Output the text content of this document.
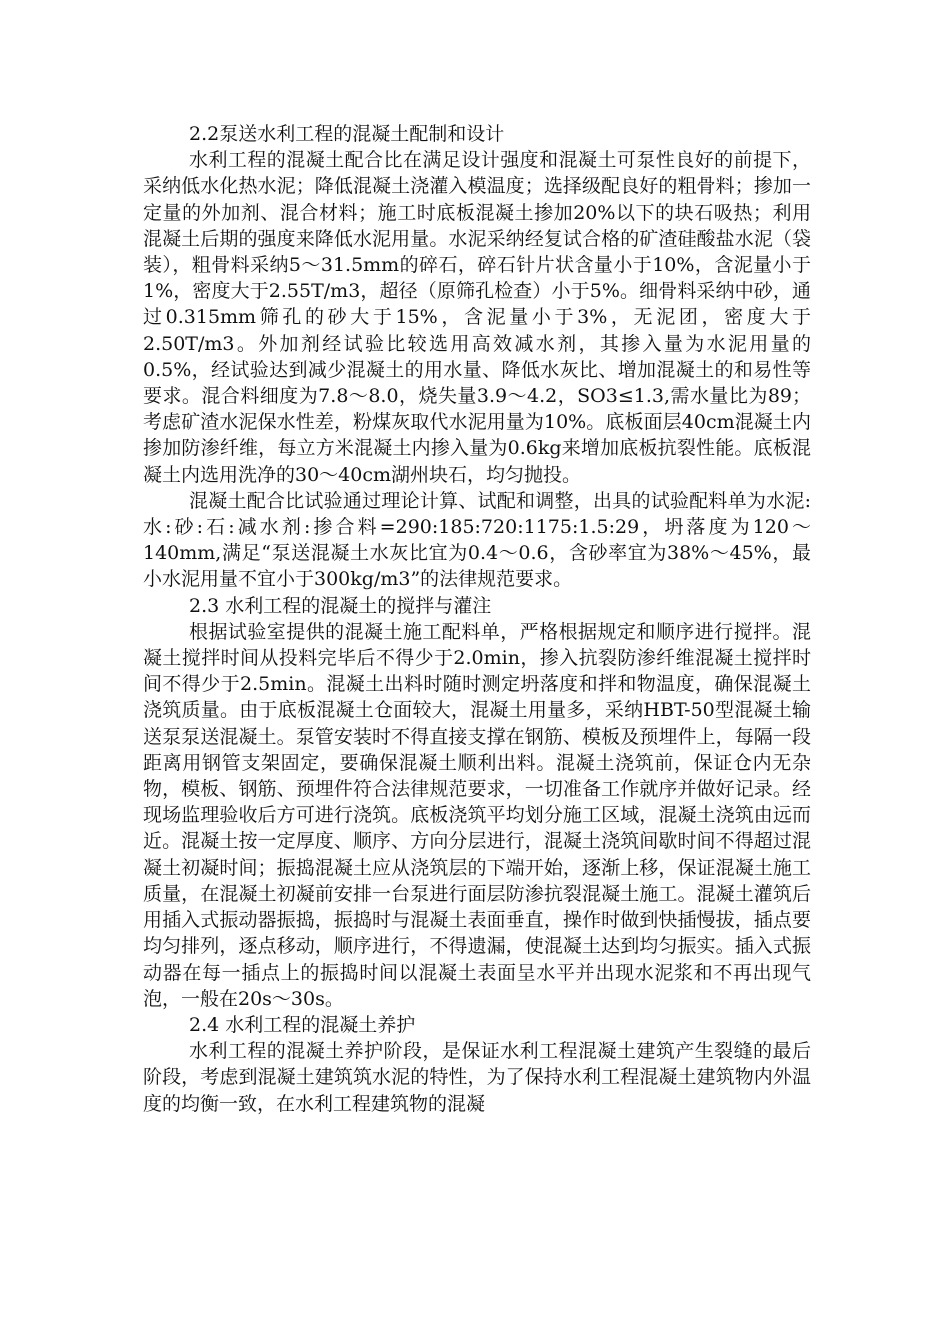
2.2泵送水利工程的混凝土配制和设计

水利工程的混凝土配合比在满足设计强度和混凝土可泵性良好的前提下，采纳低水化热水泥；降低混凝土浇灌入模温度；选择级配良好的粗骨料；掺加一定量的外加剂、混合材料；施工时底板混凝土掺加20%以下的块石吸热；利用混凝土后期的强度来降低水泥用量。水泥采纳经复试合格的矿渣硅酸盐水泥（袋装），粗骨料采纳5～31.5mm的碎石，碎石针片状含量小于10%，含泥量小于1%，密度大于2.55T/m3，超径（原筛孔检查）小于5%。细骨料采纳中砂，通过0.315mm筛孔的砂大于15%，含泥量小于3%，无泥团，密度大于2.50T/m3。外加剂经试验比较选用高效减水剂，其掺入量为水泥用量的0.5%，经试验达到减少混凝土的用水量、降低水灰比、增加混凝土的和易性等要求。混合料细度为7.8～8.0，烧失量3.9～4.2，SO3≤1.3,需水量比为89；考虑矿渣水泥保水性差，粉煤灰取代水泥用量为10%。底板面层40cm混凝土内掺加防渗纤维，每立方米混凝土内掺入量为0.6kg来增加底板抗裂性能。底板混凝土内选用洗净的30～40cm湖州块石，均匀抛投。

混凝土配合比试验通过理论计算、试配和调整，出具的试验配料单为水泥:水:砂:石:减水剂:掺合料=290:185:720:1175:1.5:29，坍落度为120～140mm,满足“泵送混凝土水灰比宜为0.4～0.6，含砂率宜为38%～45%，最小水泥用量不宜小于300kg/m3”的法律规范要求。

2.3 水利工程的混凝土的搅拌与灌注

根据试验室提供的混凝土施工配料单，严格根据规定和顺序进行搅拌。混凝土搅拌时间从投料完毕后不得少于2.0min，掺入抗裂防渗纤维混凝土搅拌时间不得少于2.5min。混凝土出料时随时测定坍落度和拌和物温度，确保混凝土浇筑质量。由于底板混凝土仓面较大，混凝土用量多，采纳HBT-50型混凝土输送泵泵送混凝土。泵管安装时不得直接支撑在钢筋、模板及预埋件上，每隔一段距离用钢管支架固定，要确保混凝土顺利出料。混凝土浇筑前，保证仓内无杂物，模板、钢筋、预埋件符合法律规范要求，一切准备工作就序并做好记录。经现场监理验收后方可进行浇筑。底板浇筑平均划分施工区域，混凝土浇筑由远而近。混凝土按一定厚度、顺序、方向分层进行，混凝土浇筑间歇时间不得超过混凝土初凝时间；振捣混凝土应从浇筑层的下端开始，逐渐上移，保证混凝土施工质量，在混凝土初凝前安排一台泵进行面层防渗抗裂混凝土施工。混凝土灌筑后用插入式振动器振捣，振捣时与混凝土表面垂直，操作时做到快插慢拔，插点要均匀排列，逐点移动，顺序进行，不得遗漏，使混凝土达到均匀振实。插入式振动器在每一插点上的振捣时间以混凝土表面呈水平并出现水泥浆和不再出现气泡，一般在20s～30s。

2.4 水利工程的混凝土养护

水利工程的混凝土养护阶段，是保证水利工程混凝土建筑产生裂缝的最后阶段，考虑到混凝土建筑筑水泥的特性，为了保持水利工程混凝土建筑物内外温度的均衡一致，在水利工程建筑物的混凝
